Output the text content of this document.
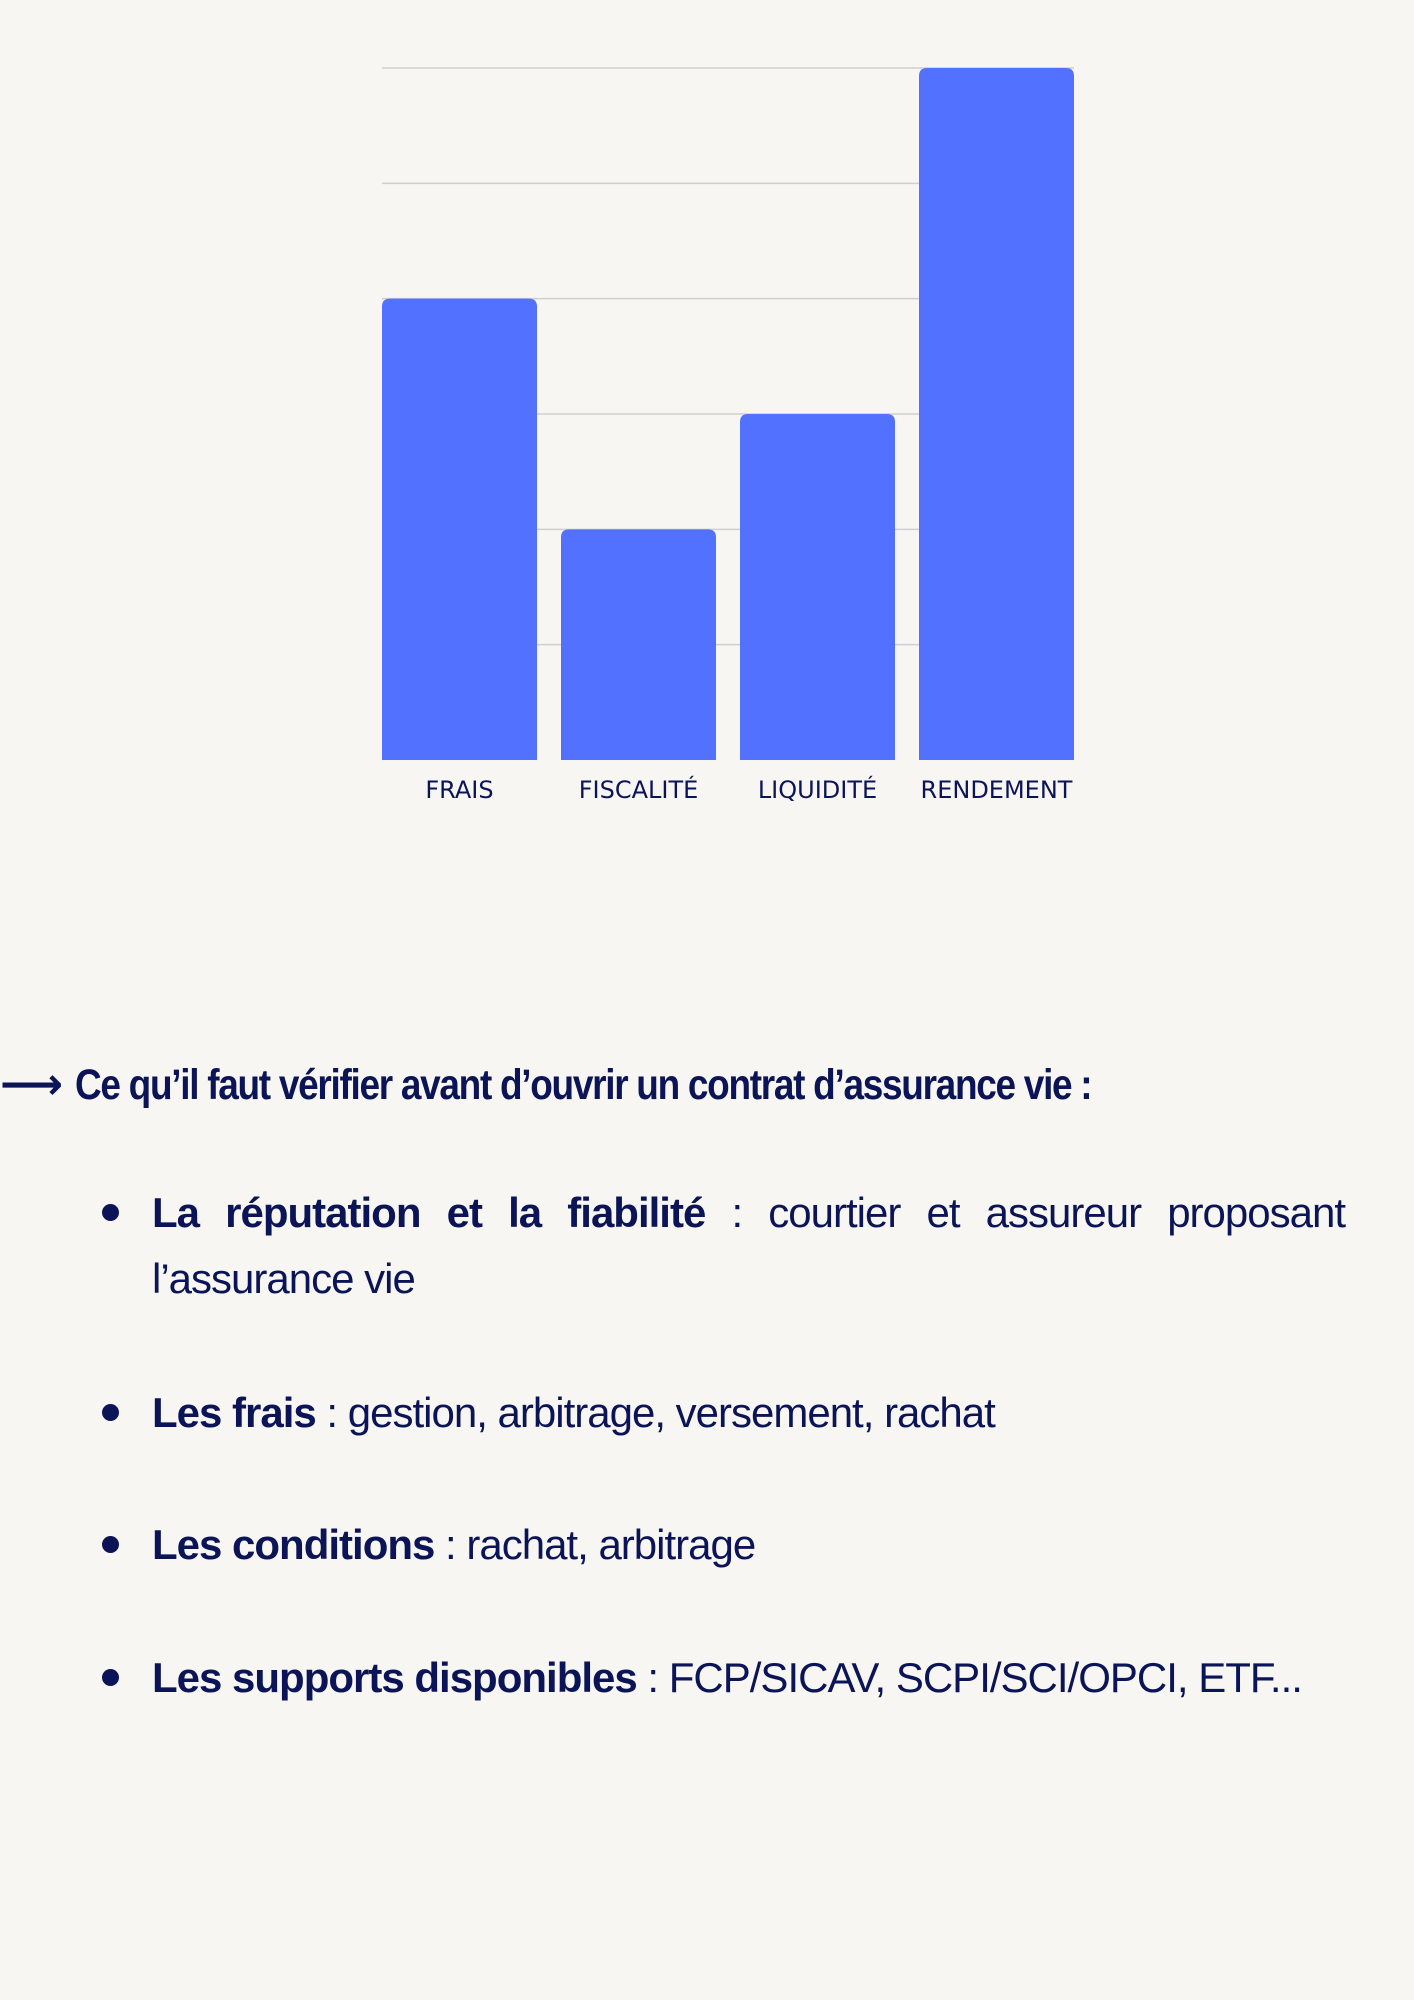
FRAIS	FISCALITÉ LIQUIDITÉ RENDEMENT
⟶ Ce qu’il faut vérifier avant d’ouvrir un contrat d’assurance vie :
La réputation et la fiabilité : courtier et assureur proposant l’assurance vie
Les frais : gestion, arbitrage, versement, rachat
Les conditions : rachat, arbitrage
Les supports disponibles : FCP/SICAV, SCPI/SCI/OPCI, ETF...
